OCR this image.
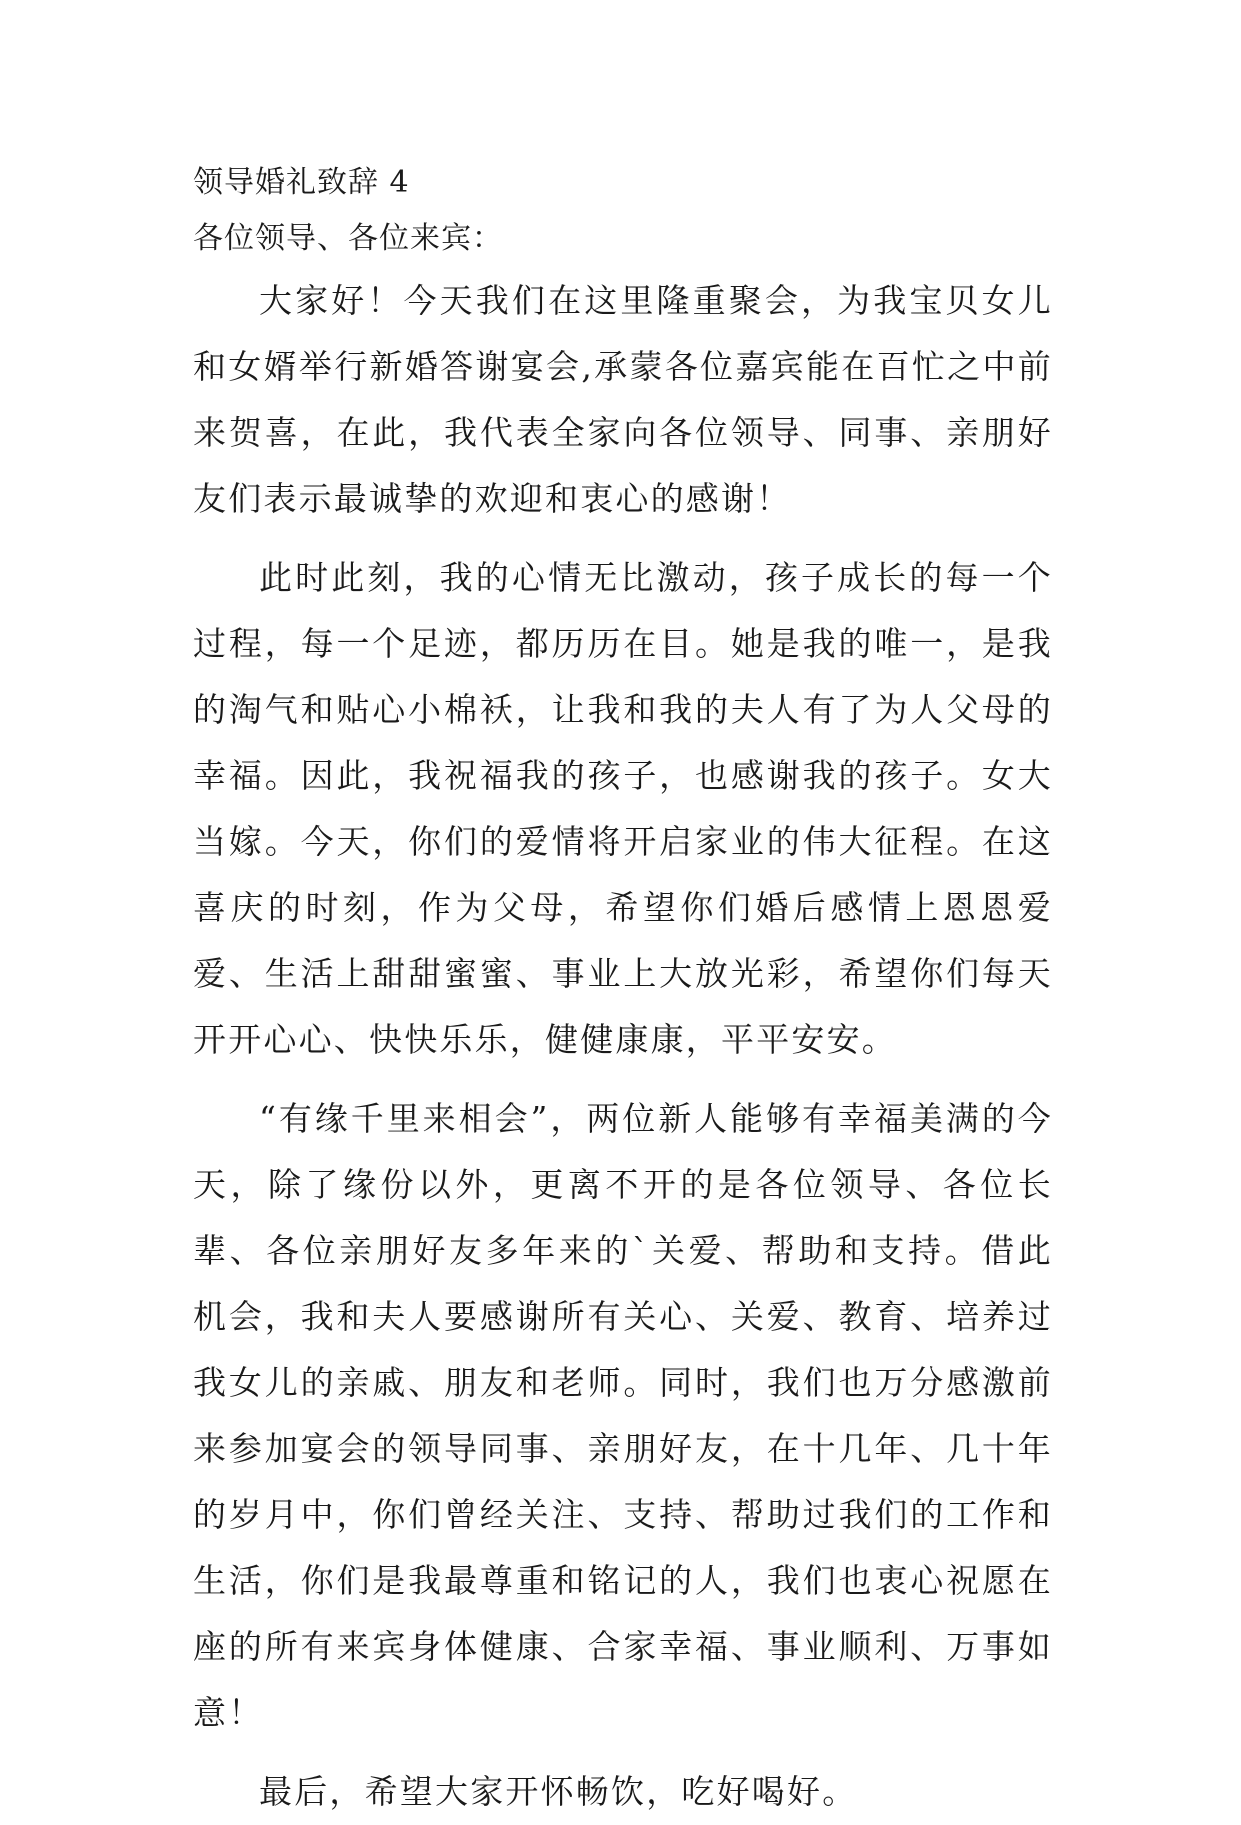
领导婚礼致辞 4

各位领导、各位来宾：

大家好！今天我们在这里隆重聚会，为我宝贝女儿和女婿举行新婚答谢宴会,承蒙各位嘉宾能在百忙之中前来贺喜，在此，我代表全家向各位领导、同事、亲朋好友们表示最诚挚的欢迎和衷心的感谢！

此时此刻，我的心情无比激动，孩子成长的每一个过程，每一个足迹，都历历在目。她是我的唯一，是我的淘气和贴心小棉袄，让我和我的夫人有了为人父母的幸福。因此，我祝福我的孩子，也感谢我的孩子。女大当嫁。今天，你们的爱情将开启家业的伟大征程。在这喜庆的时刻，作为父母，希望你们婚后感情上恩恩爱爱、生活上甜甜蜜蜜、事业上大放光彩，希望你们每天开开心心、快快乐乐，健健康康，平平安安。

“有缘千里来相会”，两位新人能够有幸福美满的今天，除了缘份以外，更离不开的是各位领导、各位长辈、各位亲朋好友多年来的`关爱、帮助和支持。借此机会，我和夫人要感谢所有关心、关爱、教育、培养过我女儿的亲戚、朋友和老师。同时，我们也万分感激前来参加宴会的领导同事、亲朋好友，在十几年、几十年的岁月中，你们曾经关注、支持、帮助过我们的工作和生活，你们是我最尊重和铭记的人，我们也衷心祝愿在座的所有来宾身体健康、合家幸福、事业顺利、万事如意！

最后，希望大家开怀畅饮，吃好喝好。
